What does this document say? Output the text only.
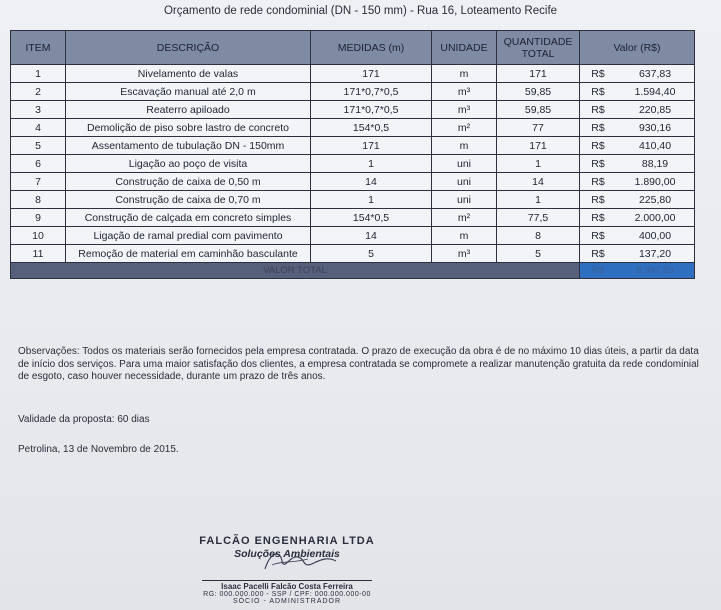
Orçamento de rede condominial (DN - 150 mm) - Rua 16, Loteamento Recife
ITEM	DESCRIÇÃO	MEDIDAS (m)	UNIDADE	QUANTIDADE TOTAL	Valor (R$)	
1	Nivelamento de valas	171	m	171	R$	637,83
2	Escavação manual até 2,0 m	171*0,7*0,5	m³	59,85	R$	1.594,40
3	Reaterro apiloado	171*0,7*0,5	m³	59,85	R$	220,85
4	Demolição de piso sobre lastro de concreto	154*0,5	m²	77	R$	930,16
5	Assentamento de tubulação DN - 150mm	171	m	171	R$	410,40
6	Ligação ao poço de visita	1	uni	1	R$	88,19
7	Construção de caixa de 0,50 m	14	uni	14	R$	1.890,00
8	Construção de caixa de 0,70 m	1	uni	1	R$	225,80
9	Construção de calçada em concreto simples	154*0,5	m²	77,5	R$	2.000,00
10	Ligação de ramal predial com pavimento	14	m	8	R$	400,00
11	Remoção de material em caminhão basculante	5	m³	5	R$	137,20
VALOR TOTAL					R$	8.397,83
Observações: Todos os materiais serão fornecidos pela empresa contratada. O prazo de execução da obra é de no máximo 10 dias úteis, a partir da data de início dos serviços. Para uma maior satisfação dos clientes, a empresa contratada se compromete a realizar manutenção gratuita da rede condominial de esgoto, caso houver necessidade, durante um prazo de três anos.
Validade da proposta: 60 dias
Petrolina, 13 de Novembro de 2015.
FALCÃO ENGENHARIA LTDA
Soluções Ambientais
Isaac Pacelli Falcão Costa Ferreira
RG: 000.000.000 - SSP / CPF: 000.000.000-00
SÓCIO - ADMINISTRADOR
